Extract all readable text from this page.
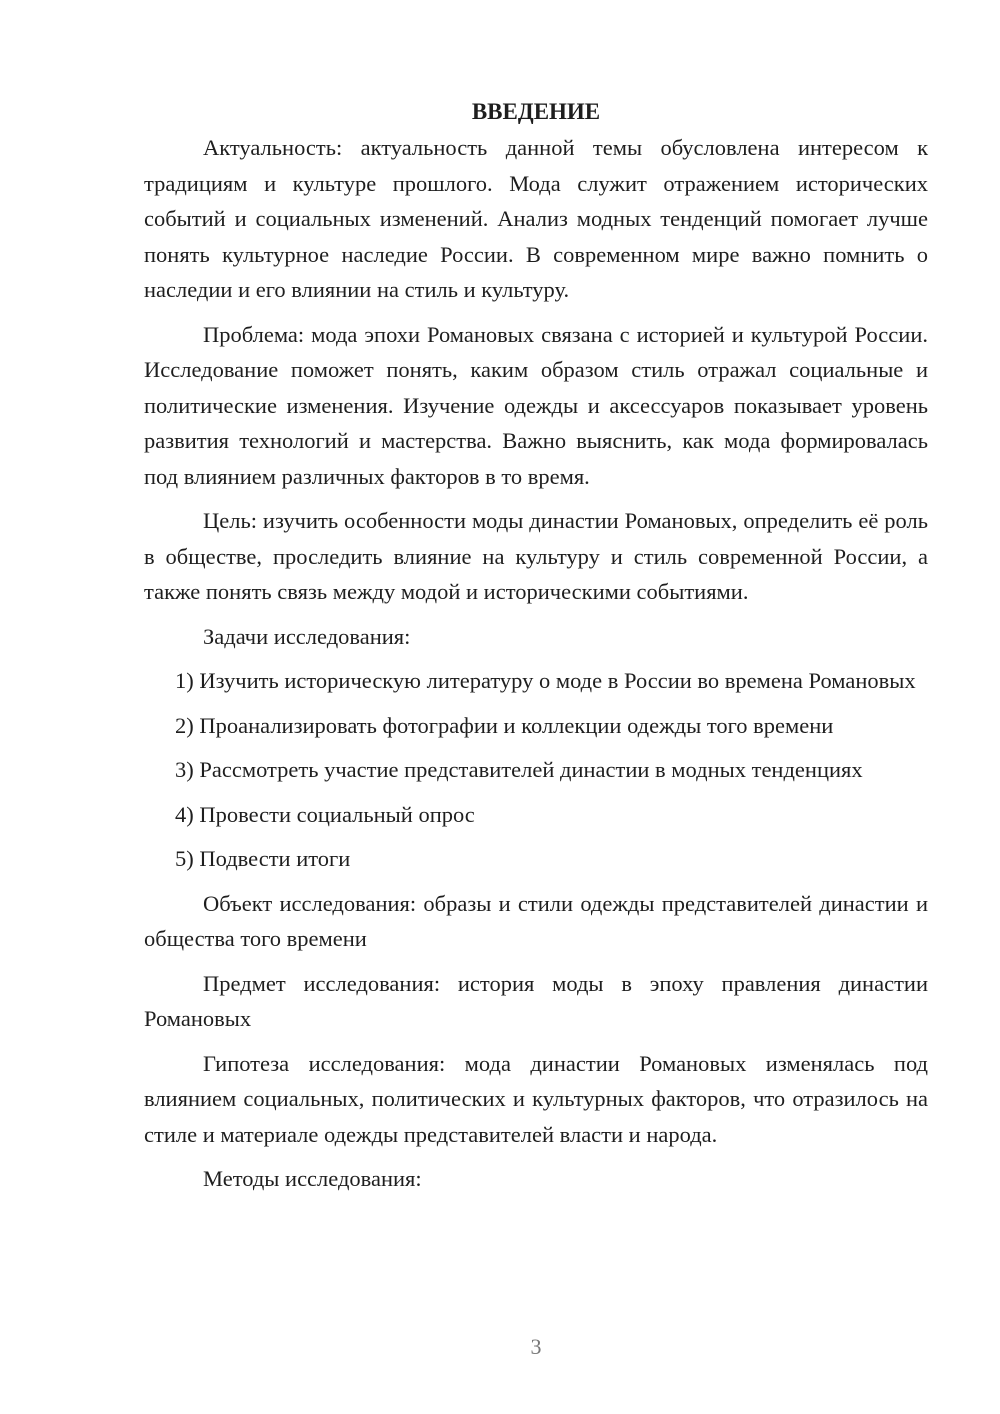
ВВЕДЕНИЕ

Актуальность: актуальность данной темы обусловлена интересом к традициям и культуре прошлого. Мода служит отражением исторических событий и социальных изменений. Анализ модных тенденций помогает лучше понять культурное наследие России. В современном мире важно помнить о наследии и его влиянии на стиль и культуру.

Проблема: мода эпохи Романовых связана с историей и культурой России. Исследование поможет понять, каким образом стиль отражал социальные и политические изменения. Изучение одежды и аксессуаров показывает уровень развития технологий и мастерства. Важно выяснить, как мода формировалась под влиянием различных факторов в то время.

Цель: изучить особенности моды династии Романовых, определить её роль в обществе, проследить влияние на культуру и стиль современной России, а также понять связь между модой и историческими событиями.

Задачи исследования:

1) Изучить историческую литературу о моде в России во времена Романовых

2) Проанализировать фотографии и коллекции одежды того времени

3) Рассмотреть участие представителей династии в модных тенденциях

4) Провести социальный опрос

5) Подвести итоги

Объект исследования: образы и стили одежды представителей династии и общества того времени

Предмет исследования: история моды в эпоху правления династии Романовых

Гипотеза исследования: мода династии Романовых изменялась под влиянием социальных, политических и культурных факторов, что отразилось на стиле и материале одежды представителей власти и народа.

Методы исследования:

3
